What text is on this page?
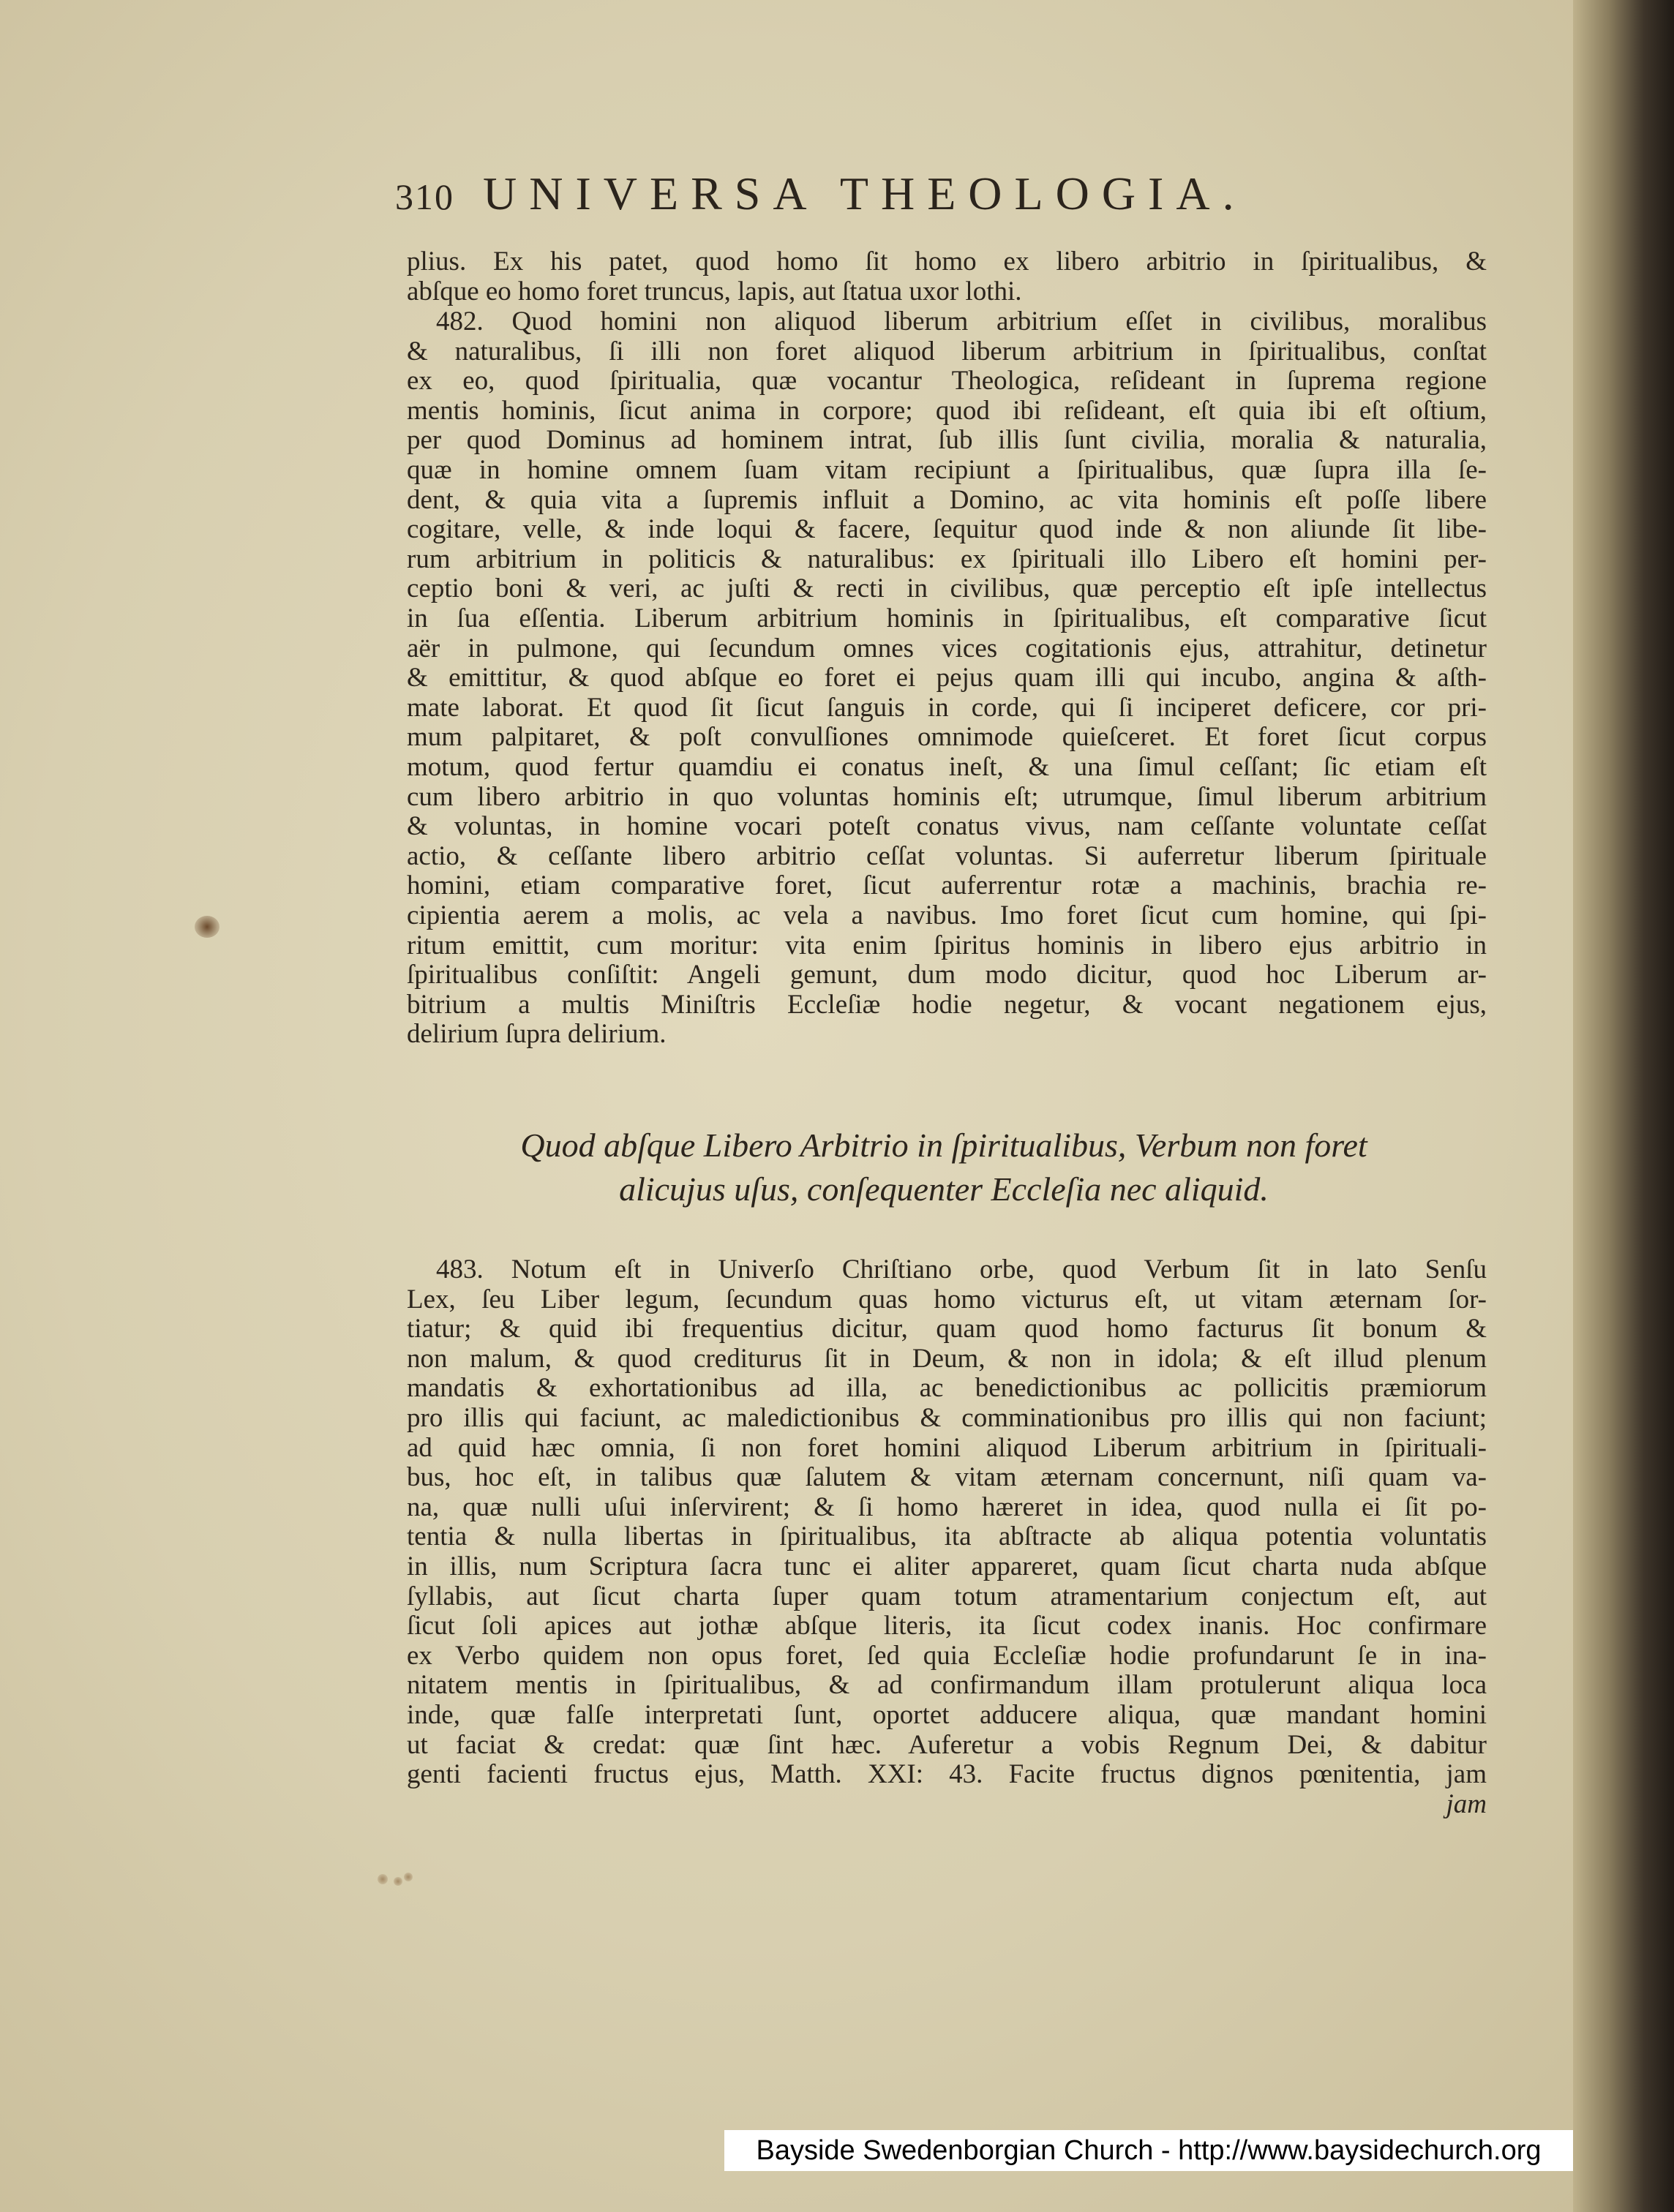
310 UNIVERSA THEOLOGIA.
plius. Ex his patet, quod homo ſit homo ex libero arbitrio in ſpiritualibus, &
abſque eo homo foret truncus, lapis, aut ſtatua uxor lothi.
482. Quod homini non aliquod liberum arbitrium eſſet in civilibus, moralibus
& naturalibus, ſi illi non foret aliquod liberum arbitrium in ſpiritualibus, conſtat
ex eo, quod ſpiritualia, quæ vocantur Theologica, reſideant in ſuprema regione
mentis hominis, ſicut anima in corpore; quod ibi reſideant, eſt quia ibi eſt oſtium,
per quod Dominus ad hominem intrat, ſub illis ſunt civilia, moralia & naturalia,
quæ in homine omnem ſuam vitam recipiunt a ſpiritualibus, quæ ſupra illa ſe-
dent, & quia vita a ſupremis influit a Domino, ac vita hominis eſt poſſe libere
cogitare, velle, & inde loqui & facere, ſequitur quod inde & non aliunde ſit libe-
rum arbitrium in politicis & naturalibus: ex ſpirituali illo Libero eſt homini per-
ceptio boni & veri, ac juſti & recti in civilibus, quæ perceptio eſt ipſe intellectus
in ſua eſſentia. Liberum arbitrium hominis in ſpiritualibus, eſt comparative ſicut
aër in pulmone, qui ſecundum omnes vices cogitationis ejus, attrahitur, detinetur
& emittitur, & quod abſque eo foret ei pejus quam illi qui incubo, angina & aſth-
mate laborat. Et quod ſit ſicut ſanguis in corde, qui ſi inciperet deficere, cor pri-
mum palpitaret, & poſt convulſiones omnimode quieſceret. Et foret ſicut corpus
motum, quod fertur quamdiu ei conatus ineſt, & una ſimul ceſſant; ſic etiam eſt
cum libero arbitrio in quo voluntas hominis eſt; utrumque, ſimul liberum arbitrium
& voluntas, in homine vocari poteſt conatus vivus, nam ceſſante voluntate ceſſat
actio, & ceſſante libero arbitrio ceſſat voluntas. Si auferretur liberum ſpirituale
homini, etiam comparative foret, ſicut auferrentur rotæ a machinis, brachia re-
cipientia aerem a molis, ac vela a navibus. Imo foret ſicut cum homine, qui ſpi-
ritum emittit, cum moritur: vita enim ſpiritus hominis in libero ejus arbitrio in
ſpiritualibus conſiſtit: Angeli gemunt, dum modo dicitur, quod hoc Liberum ar-
bitrium a multis Miniſtris Eccleſiæ hodie negetur, & vocant negationem ejus,
delirium ſupra delirium.
483. Notum eſt in Univerſo Chriſtiano orbe, quod Verbum ſit in lato Senſu
Lex, ſeu Liber legum, ſecundum quas homo victurus eſt, ut vitam æternam ſor-
tiatur; & quid ibi frequentius dicitur, quam quod homo facturus ſit bonum &
non malum, & quod crediturus ſit in Deum, & non in idola; & eſt illud plenum
mandatis & exhortationibus ad illa, ac benedictionibus ac pollicitis præmiorum
pro illis qui faciunt, ac maledictionibus & comminationibus pro illis qui non faciunt;
ad quid hæc omnia, ſi non foret homini aliquod Liberum arbitrium in ſpirituali-
bus, hoc eſt, in talibus quæ ſalutem & vitam æternam concernunt, niſi quam va-
na, quæ nulli uſui inſervirent; & ſi homo hæreret in idea, quod nulla ei ſit po-
tentia & nulla libertas in ſpiritualibus, ita abſtracte ab aliqua potentia voluntatis
in illis, num Scriptura ſacra tunc ei aliter appareret, quam ſicut charta nuda abſque
ſyllabis, aut ſicut charta ſuper quam totum atramentarium conjectum eſt, aut
ſicut ſoli apices aut jothæ abſque literis, ita ſicut codex inanis. Hoc confirmare
ex Verbo quidem non opus foret, ſed quia Eccleſiæ hodie profundarunt ſe in ina-
nitatem mentis in ſpiritualibus, & ad confirmandum illam protulerunt aliqua loca
inde, quæ falſe interpretati ſunt, oportet adducere aliqua, quæ mandant homini
ut faciat & credat: quæ ſint hæc. Auferetur a vobis Regnum Dei, & dabitur
genti facienti fructus ejus, Matth. XXI: 43. Facite fructus dignos pœnitentia, jam
jam
Quod abſque Libero Arbitrio in ſpiritualibus, Verbum non foret
alicujus uſus, conſequenter Eccleſia nec aliquid.
Bayside Swedenborgian Church - http://www.baysidechurch.org
